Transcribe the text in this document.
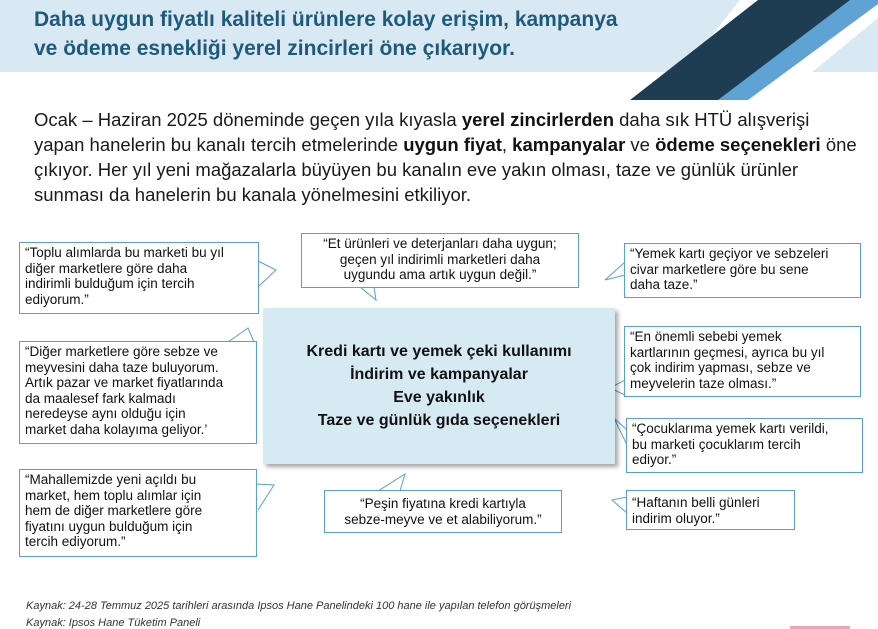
Daha uygun fiyatlı kaliteli ürünlere kolay erişim, kampanya
ve ödeme esnekliği yerel zincirleri öne çıkarıyor.
Ocak – Haziran 2025 döneminde geçen yıla kıyasla yerel zincirlerden daha sık HTÜ alışverişi yapan hanelerin bu kanalı tercih etmelerinde uygun fiyat, kampanyalar ve ödeme seçenekleri öne çıkıyor. Her yıl yeni mağazalarla büyüyen bu kanalın eve yakın olması, taze ve günlük ürünler sunması da hanelerin bu kanala yönelmesini etkiliyor.
“Toplu alımlarda bu marketi bu yıl
diğer marketlere göre daha
indirimli bulduğum için tercih
ediyorum.”
“Diğer marketlere göre sebze ve
meyvesini daha taze buluyorum.
Artık pazar ve market fiyatlarında
da maalesef fark kalmadı
neredeyse aynı olduğu için
market daha kolayıma geliyor.’
“Mahallemizde yeni açıldı bu
market, hem toplu alımlar için
hem de diğer marketlere göre
fiyatını uygun bulduğum için
tercih ediyorum.”
“Et ürünleri ve deterjanları daha uygun;
geçen yıl indirimli marketleri daha
uygundu ama artık uygun değil.”
“Peşin fiyatına kredi kartıyla
sebze-meyve ve et alabiliyorum.”
“Yemek kartı geçiyor ve sebzeleri
civar marketlere göre bu sene
daha taze.”
“En önemli sebebi yemek
kartlarının geçmesi, ayrıca bu yıl
çok indirim yapması, sebze ve
meyvelerin taze olması.”
“Çocuklarıma yemek kartı verildi,
bu marketi çocuklarım tercih
ediyor.”
“Haftanın belli günleri
indirim oluyor.”
Kredi kartı ve yemek çeki kullanımı
İndirim ve kampanyalar
Eve yakınlık
Taze ve günlük gıda seçenekleri
Kaynak: 24-28 Temmuz 2025 tarihleri arasında Ipsos Hane Panelindeki 100 hane ile yapılan telefon görüşmeleri
Kaynak: Ipsos Hane Tüketim Paneli
